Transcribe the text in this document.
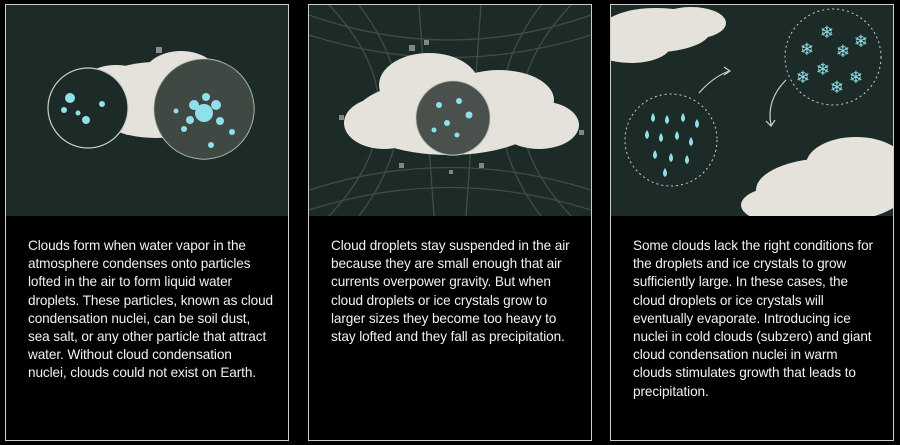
Clouds form when water vapor in the atmosphere condenses onto particles lofted in the air to form liquid water droplets. These particles, known as cloud condensation nuclei, can be soil dust, sea salt, or any other particle that attract water. Without cloud condensation nuclei, clouds could not exist on Earth.
Cloud droplets stay suspended in the air because they are small enough that air currents overpower gravity. But when cloud droplets or ice crystals grow to larger sizes they become too heavy to stay lofted and they fall as precipitation.
❄
❄ ❄ ❄
❄ ❄
❄
❄
Some clouds lack the right conditions for the droplets and ice crystals to grow sufficiently large. In these cases, the cloud droplets or ice crystals will eventually evaporate. Introducing ice nuclei in cold clouds (subzero) and giant cloud condensation nuclei in warm clouds stimulates growth that leads to precipitation.
